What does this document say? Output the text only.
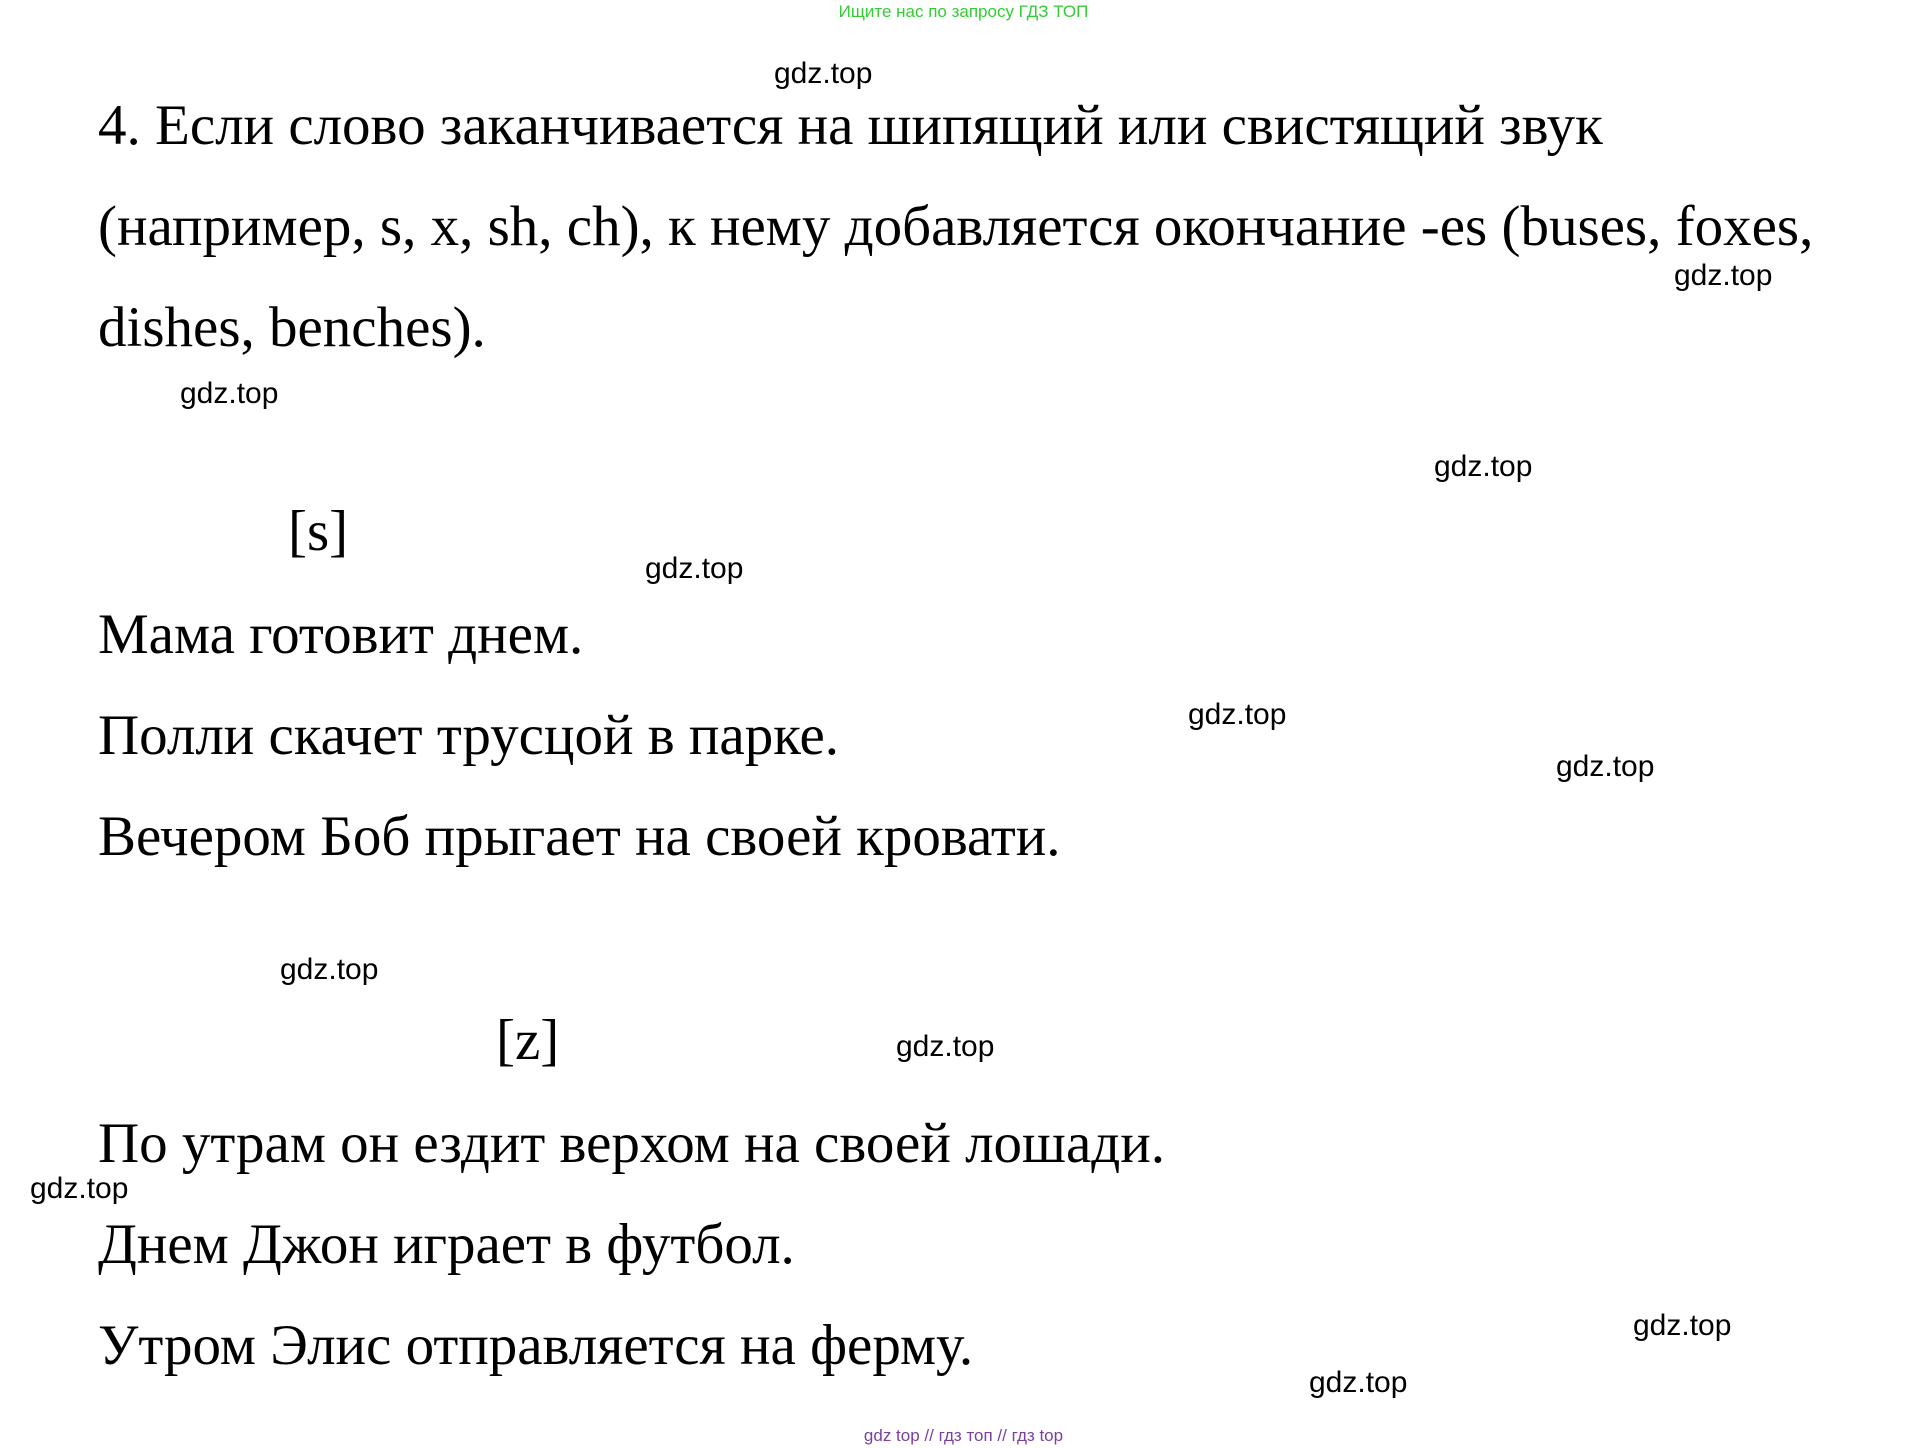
Ищите нас по запросу ГДЗ ТОП
4. Если слово заканчивается на шипящий или свистящий звук
(например, s, x, sh, ch), к нему добавляется окончание -es (buses, foxes,
dishes, benches).
[s]
Мама готовит днем.
Полли скачет трусцой в парке.
Вечером Боб прыгает на своей кровати.
[z]
По утрам он ездит верхом на своей лошади.
Днем Джон играет в футбол.
Утром Элис отправляется на ферму.
gdz.top
gdz.top
gdz.top
gdz.top
gdz.top
gdz.top
gdz.top
gdz.top
gdz.top
gdz.top
gdz.top
gdz.top
gdz top // гдз топ // гдз top
